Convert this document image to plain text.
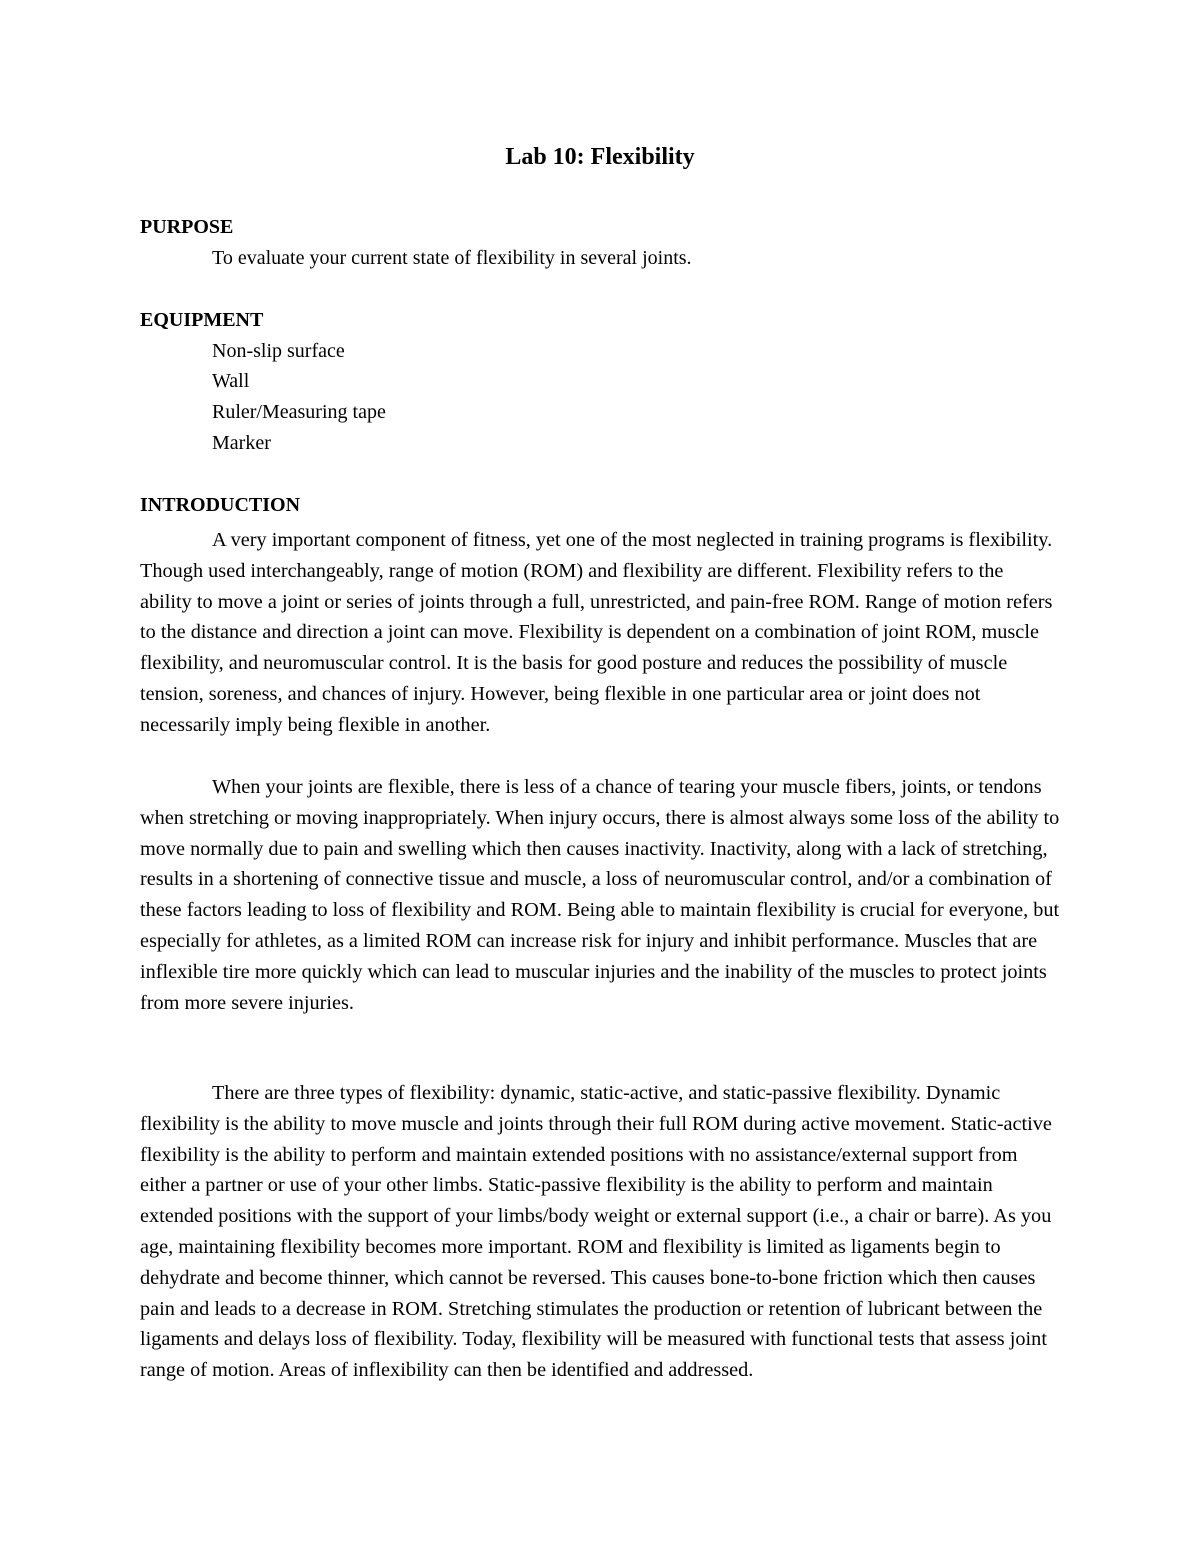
Lab 10: Flexibility
PURPOSE

To evaluate your current state of flexibility in several joints.

EQUIPMENT

Non-slip surface

Wall

Ruler/Measuring tape

Marker

INTRODUCTION

A very important component of fitness, yet one of the most neglected in training programs is flexibility. Though used interchangeably, range of motion (ROM) and flexibility are different. Flexibility refers to the ability to move a joint or series of joints through a full, unrestricted, and pain-free ROM. Range of motion refers to the distance and direction a joint can move. Flexibility is dependent on a combination of joint ROM, muscle flexibility, and neuromuscular control. It is the basis for good posture and reduces the possibility of muscle tension, soreness, and chances of injury. However, being flexible in one particular area or joint does not necessarily imply being flexible in another.

When your joints are flexible, there is less of a chance of tearing your muscle fibers, joints, or tendons when stretching or moving inappropriately. When injury occurs, there is almost always some loss of the ability to move normally due to pain and swelling which then causes inactivity. Inactivity, along with a lack of stretching, results in a shortening of connective tissue and muscle, a loss of neuromuscular control, and/or a combination of these factors leading to loss of flexibility and ROM. Being able to maintain flexibility is crucial for everyone, but especially for athletes, as a limited ROM can increase risk for injury and inhibit performance. Muscles that are inflexible tire more quickly which can lead to muscular injuries and the inability of the muscles to protect joints from more severe injuries.

There are three types of flexibility: dynamic, static-active, and static-passive flexibility. Dynamic flexibility is the ability to move muscle and joints through their full ROM during active movement. Static-active flexibility is the ability to perform and maintain extended positions with no assistance/external support from either a partner or use of your other limbs. Static-passive flexibility is the ability to perform and maintain extended positions with the support of your limbs/body weight or external support (i.e., a chair or barre). As you age, maintaining flexibility becomes more important. ROM and flexibility is limited as ligaments begin to dehydrate and become thinner, which cannot be reversed. This causes bone-to-bone friction which then causes pain and leads to a decrease in ROM. Stretching stimulates the production or retention of lubricant between the ligaments and delays loss of flexibility. Today, flexibility will be measured with functional tests that assess joint range of motion. Areas of inflexibility can then be identified and addressed.
